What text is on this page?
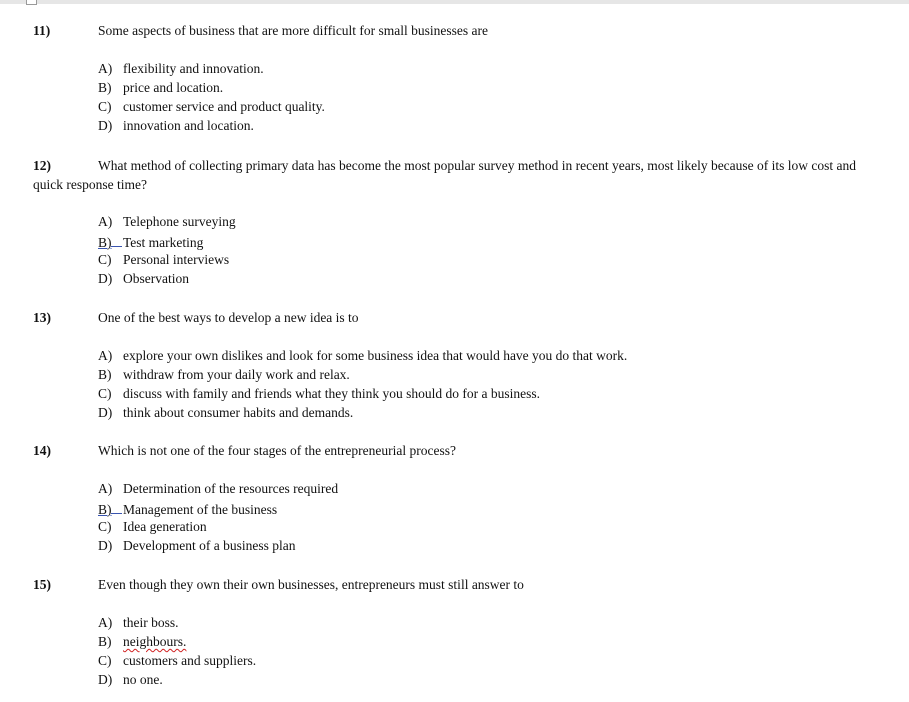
11)	Some aspects of business that are more difficult for small businesses are
A) flexibility and innovation.
B) price and location.
C) customer service and product quality.
D) innovation and location.
12)	What method of collecting primary data has become the most popular survey method in recent years, most likely because of its low cost and quick response time?
A) Telephone surveying
B) Test marketing
C) Personal interviews
D) Observation
13)	One of the best ways to develop a new idea is to
A) explore your own dislikes and look for some business idea that would have you do that work.
B) withdraw from your daily work and relax.
C) discuss with family and friends what they think you should do for a business.
D) think about consumer habits and demands.
14)	Which is not one of the four stages of the entrepreneurial process?
A) Determination of the resources required
B) Management of the business
C) Idea generation
D) Development of a business plan
15)	Even though they own their own businesses, entrepreneurs must still answer to
A) their boss.
B) neighbours.
C) customers and suppliers.
D) no one.
